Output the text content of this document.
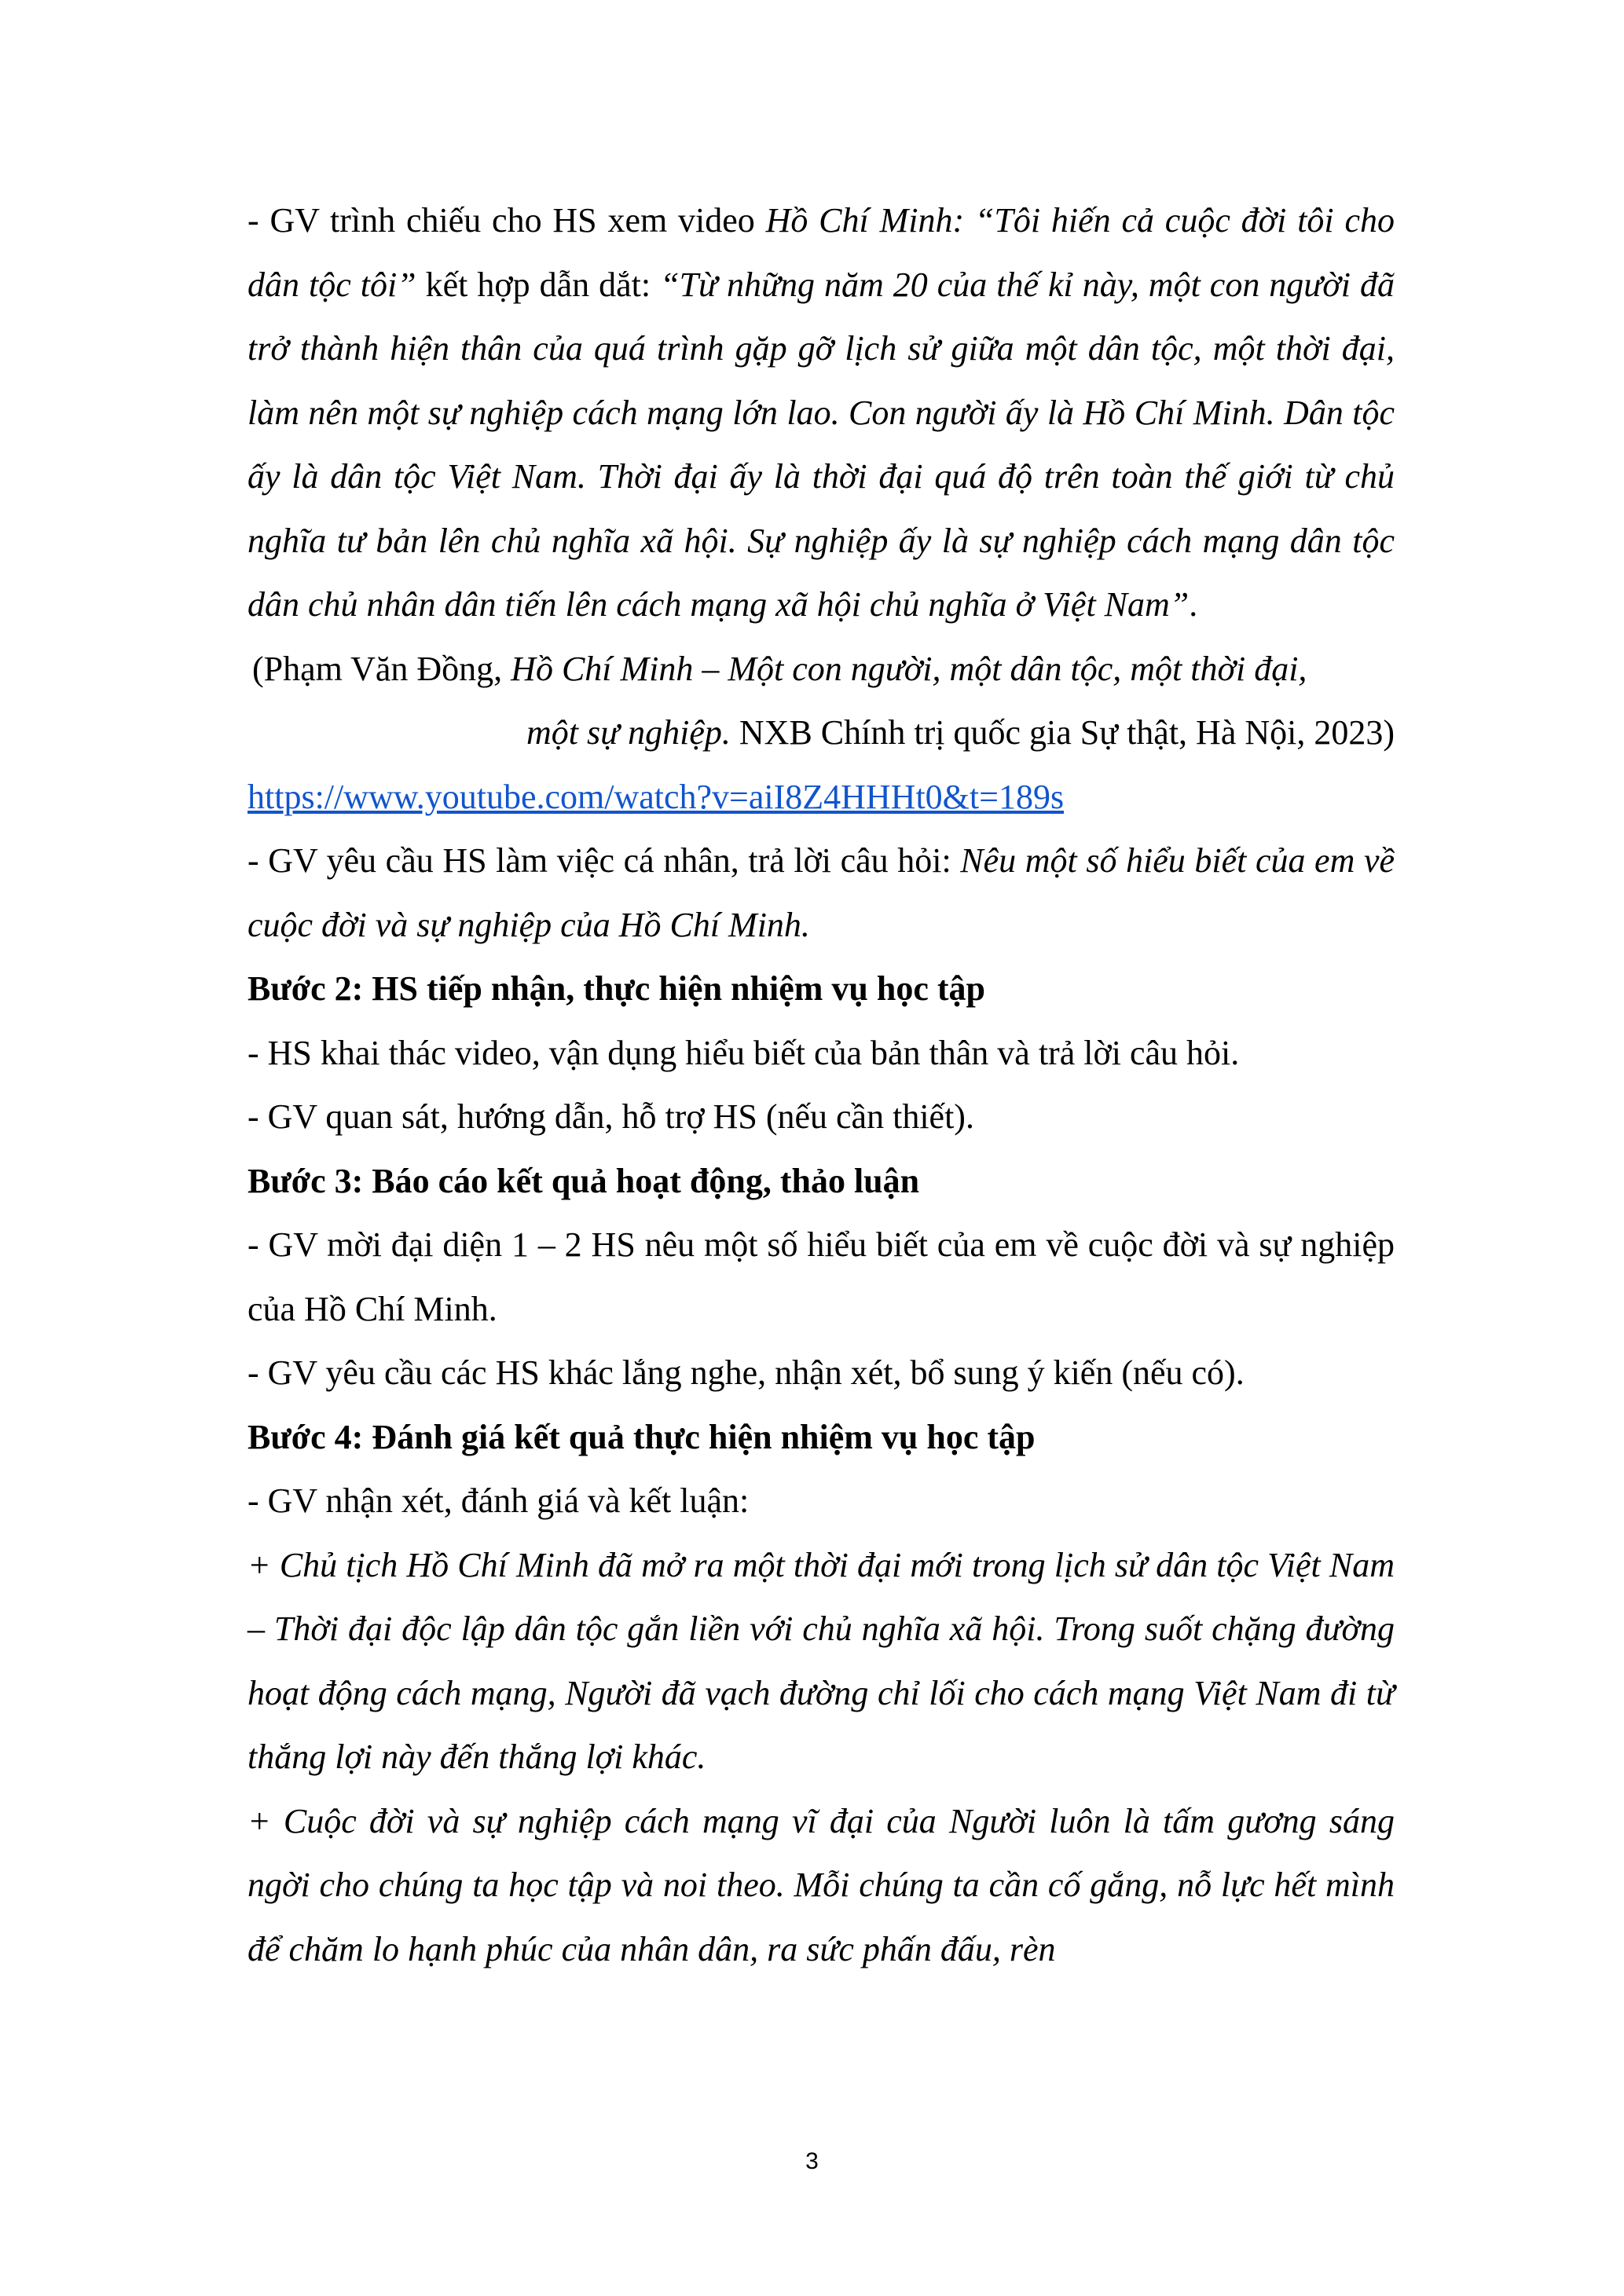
- GV trình chiếu cho HS xem video Hồ Chí Minh: “Tôi hiến cả cuộc đời tôi cho dân tộc tôi” kết hợp dẫn dắt: “Từ những năm 20 của thế kỉ này, một con người đã trở thành hiện thân của quá trình gặp gỡ lịch sử giữa một dân tộc, một thời đại, làm nên một sự nghiệp cách mạng lớn lao. Con người ấy là Hồ Chí Minh. Dân tộc ấy là dân tộc Việt Nam. Thời đại ấy là thời đại quá độ trên toàn thế giới từ chủ nghĩa tư bản lên chủ nghĩa xã hội. Sự nghiệp ấy là sự nghiệp cách mạng dân tộc dân chủ nhân dân tiến lên cách mạng xã hội chủ nghĩa ở Việt Nam”.

(Phạm Văn Đồng, Hồ Chí Minh – Một con người, một dân tộc, một thời đại,

một sự nghiệp. NXB Chính trị quốc gia Sự thật, Hà Nội, 2023)

https://www.youtube.com/watch?v=aiI8Z4HHHt0&t=189s

- GV yêu cầu HS làm việc cá nhân, trả lời câu hỏi: Nêu một số hiểu biết của em về cuộc đời và sự nghiệp của Hồ Chí Minh.

Bước 2: HS tiếp nhận, thực hiện nhiệm vụ học tập

- HS khai thác video, vận dụng hiểu biết của bản thân và trả lời câu hỏi.

- GV quan sát, hướng dẫn, hỗ trợ HS (nếu cần thiết).

Bước 3: Báo cáo kết quả hoạt động, thảo luận

- GV mời đại diện 1 – 2 HS nêu một số hiểu biết của em về cuộc đời và sự nghiệp của Hồ Chí Minh.

- GV yêu cầu các HS khác lắng nghe, nhận xét, bổ sung ý kiến (nếu có).

Bước 4: Đánh giá kết quả thực hiện nhiệm vụ học tập

- GV nhận xét, đánh giá và kết luận:

+ Chủ tịch Hồ Chí Minh đã mở ra một thời đại mới trong lịch sử dân tộc Việt Nam – Thời đại độc lập dân tộc gắn liền với chủ nghĩa xã hội. Trong suốt chặng đường hoạt động cách mạng, Người đã vạch đường chỉ lối cho cách mạng Việt Nam đi từ thắng lợi này đến thắng lợi khác.

+ Cuộc đời và sự nghiệp cách mạng vĩ đại của Người luôn là tấm gương sáng ngời cho chúng ta học tập và noi theo. Mỗi chúng ta cần cố gắng, nỗ lực hết mình để chăm lo hạnh phúc của nhân dân, ra sức phấn đấu, rèn

3
